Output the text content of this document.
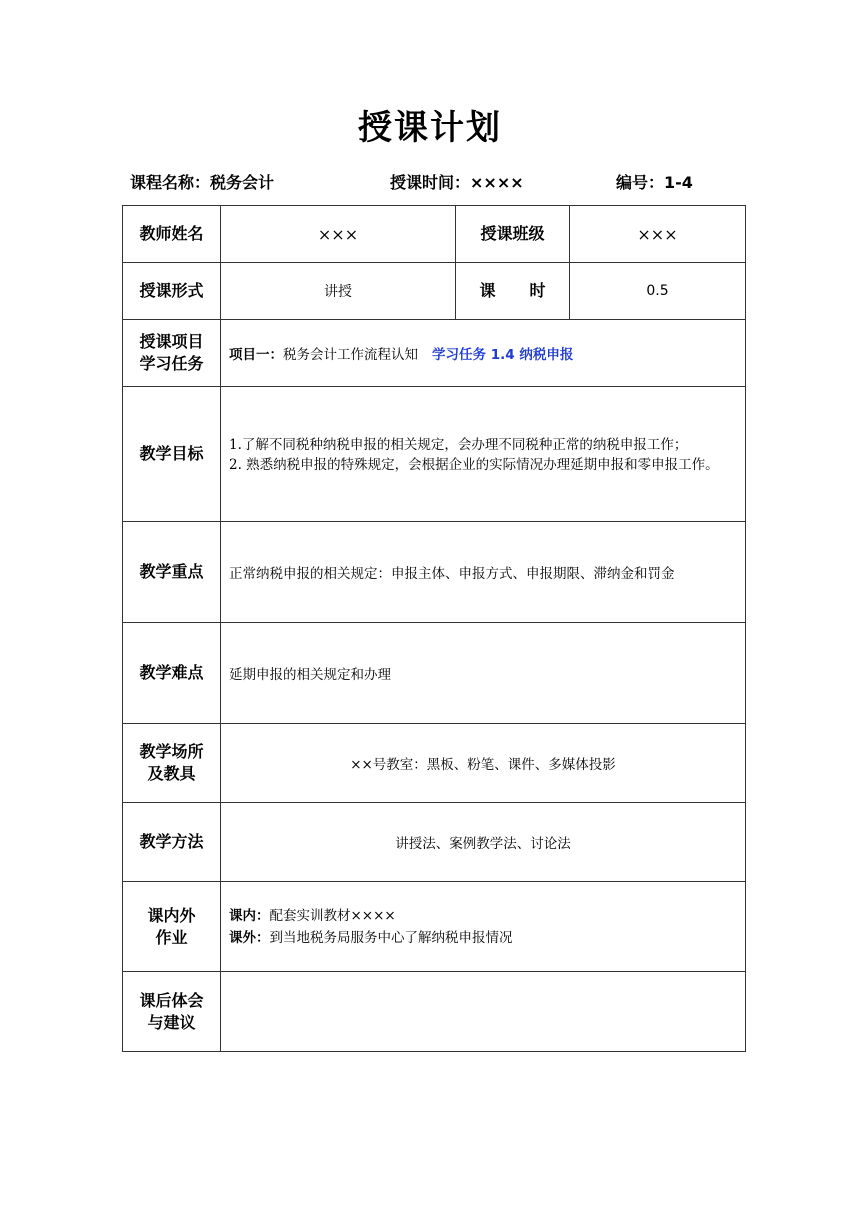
授课计划
课程名称：税务会计	授课时间：××××	编号：1-4
教师姓名	×××	授课班级	×××
授课形式	讲授	课 时	0.5

授课项目
学习任务	项目一：税务会计工作流程认知 学习任务 1.4 纳税申报		
教学目标	1.了解不同税种纳税申报的相关规定，会办理不同税种正常的纳税申报工作；
2. 熟悉纳税申报的特殊规定，会根据企业的实际情况办理延期申报和零申报工作。		

教学重点	正常纳税申报的相关规定：申报主体、申报方式、申报期限、滞纳金和罚金		
教学难点	延期申报的相关规定和办理		

教学场所
及教具	××号教室：黑板、粉笔、课件、多媒体投影		
教学方法	讲授法、案例教学法、讨论法		

课内外
作业	课内：配套实训教材××××
课外：到当地税务局服务中心了解纳税申报情况		

课后体会
与建议			
